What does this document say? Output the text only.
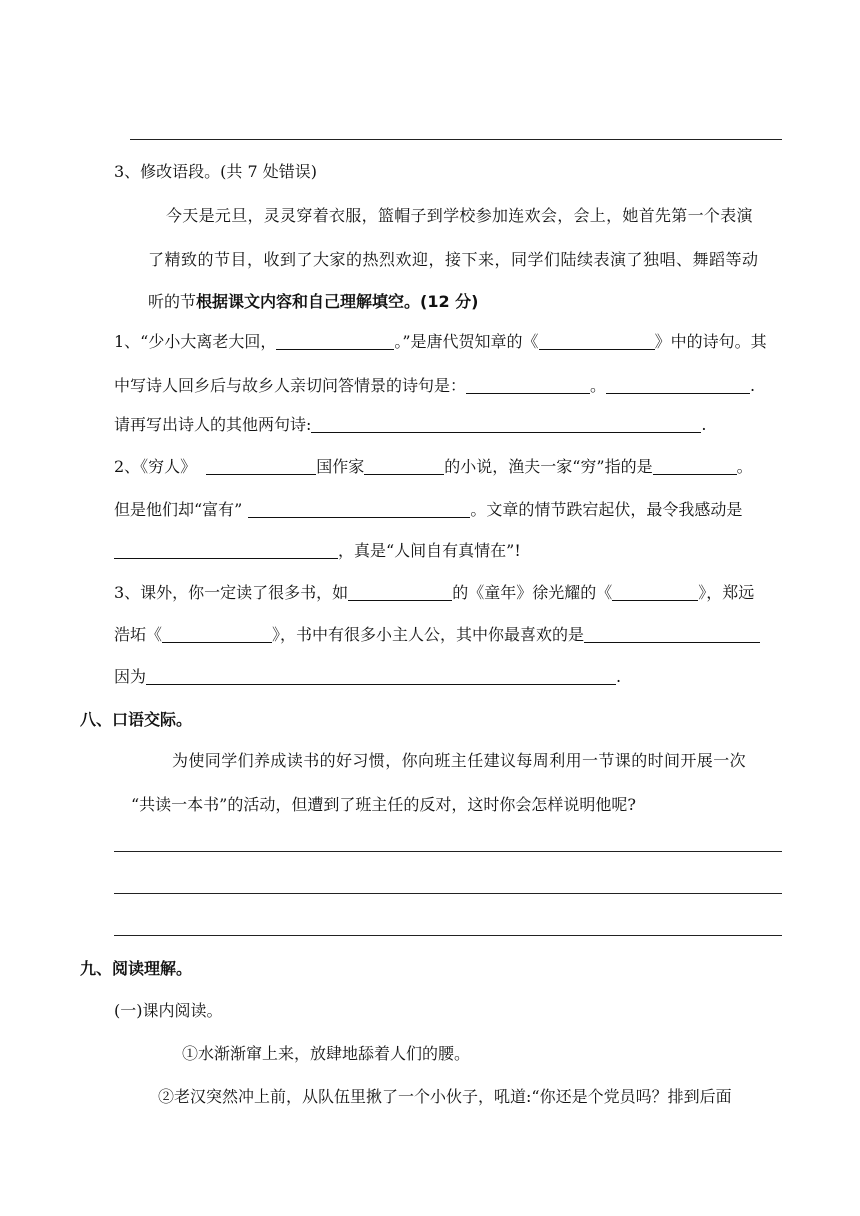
3、修改语段。(共 7 处错误)
今天是元旦，灵灵穿着衣服，篮帽子到学校参加连欢会，会上，她首先第一个表演
了精致的节目，收到了大家的热烈欢迎，接下来，同学们陆续表演了独唱、舞蹈等动
听的节根据课文内容和自己理解填空。(12 分)
1、“少小大离老大回，	。”是唐代贺知章的《	》中的诗句。其
中写诗人回乡后与故乡人亲切问答情景的诗句是：	。	.
请再写出诗人的其他两句诗:	.
2、《穷人》	国作家	的小说，渔夫一家“穷”指的是	。
但是他们却“富有”	。文章的情节跌宕起伏，最令我感动是
，真是“人间自有真情在”!
3、课外，你一定读了很多书，如	的《童年》徐光耀的《	》，郑远
浩坧《	》，书中有很多小主人公，其中你最喜欢的是
因为	.
八、口语交际。
为使同学们养成读书的好习惯，你向班主任建议每周利用一节课的时间开展一次
“共读一本书”的活动，但遭到了班主任的反对，这时你会怎样说明他呢?
九、阅读理解。
(一)课内阅读。
①水渐渐窜上来，放肆地舔着人们的腰。
②老汉突然冲上前，从队伍里揪了一个小伙子，吼道:“你还是个党员吗？排到后面
